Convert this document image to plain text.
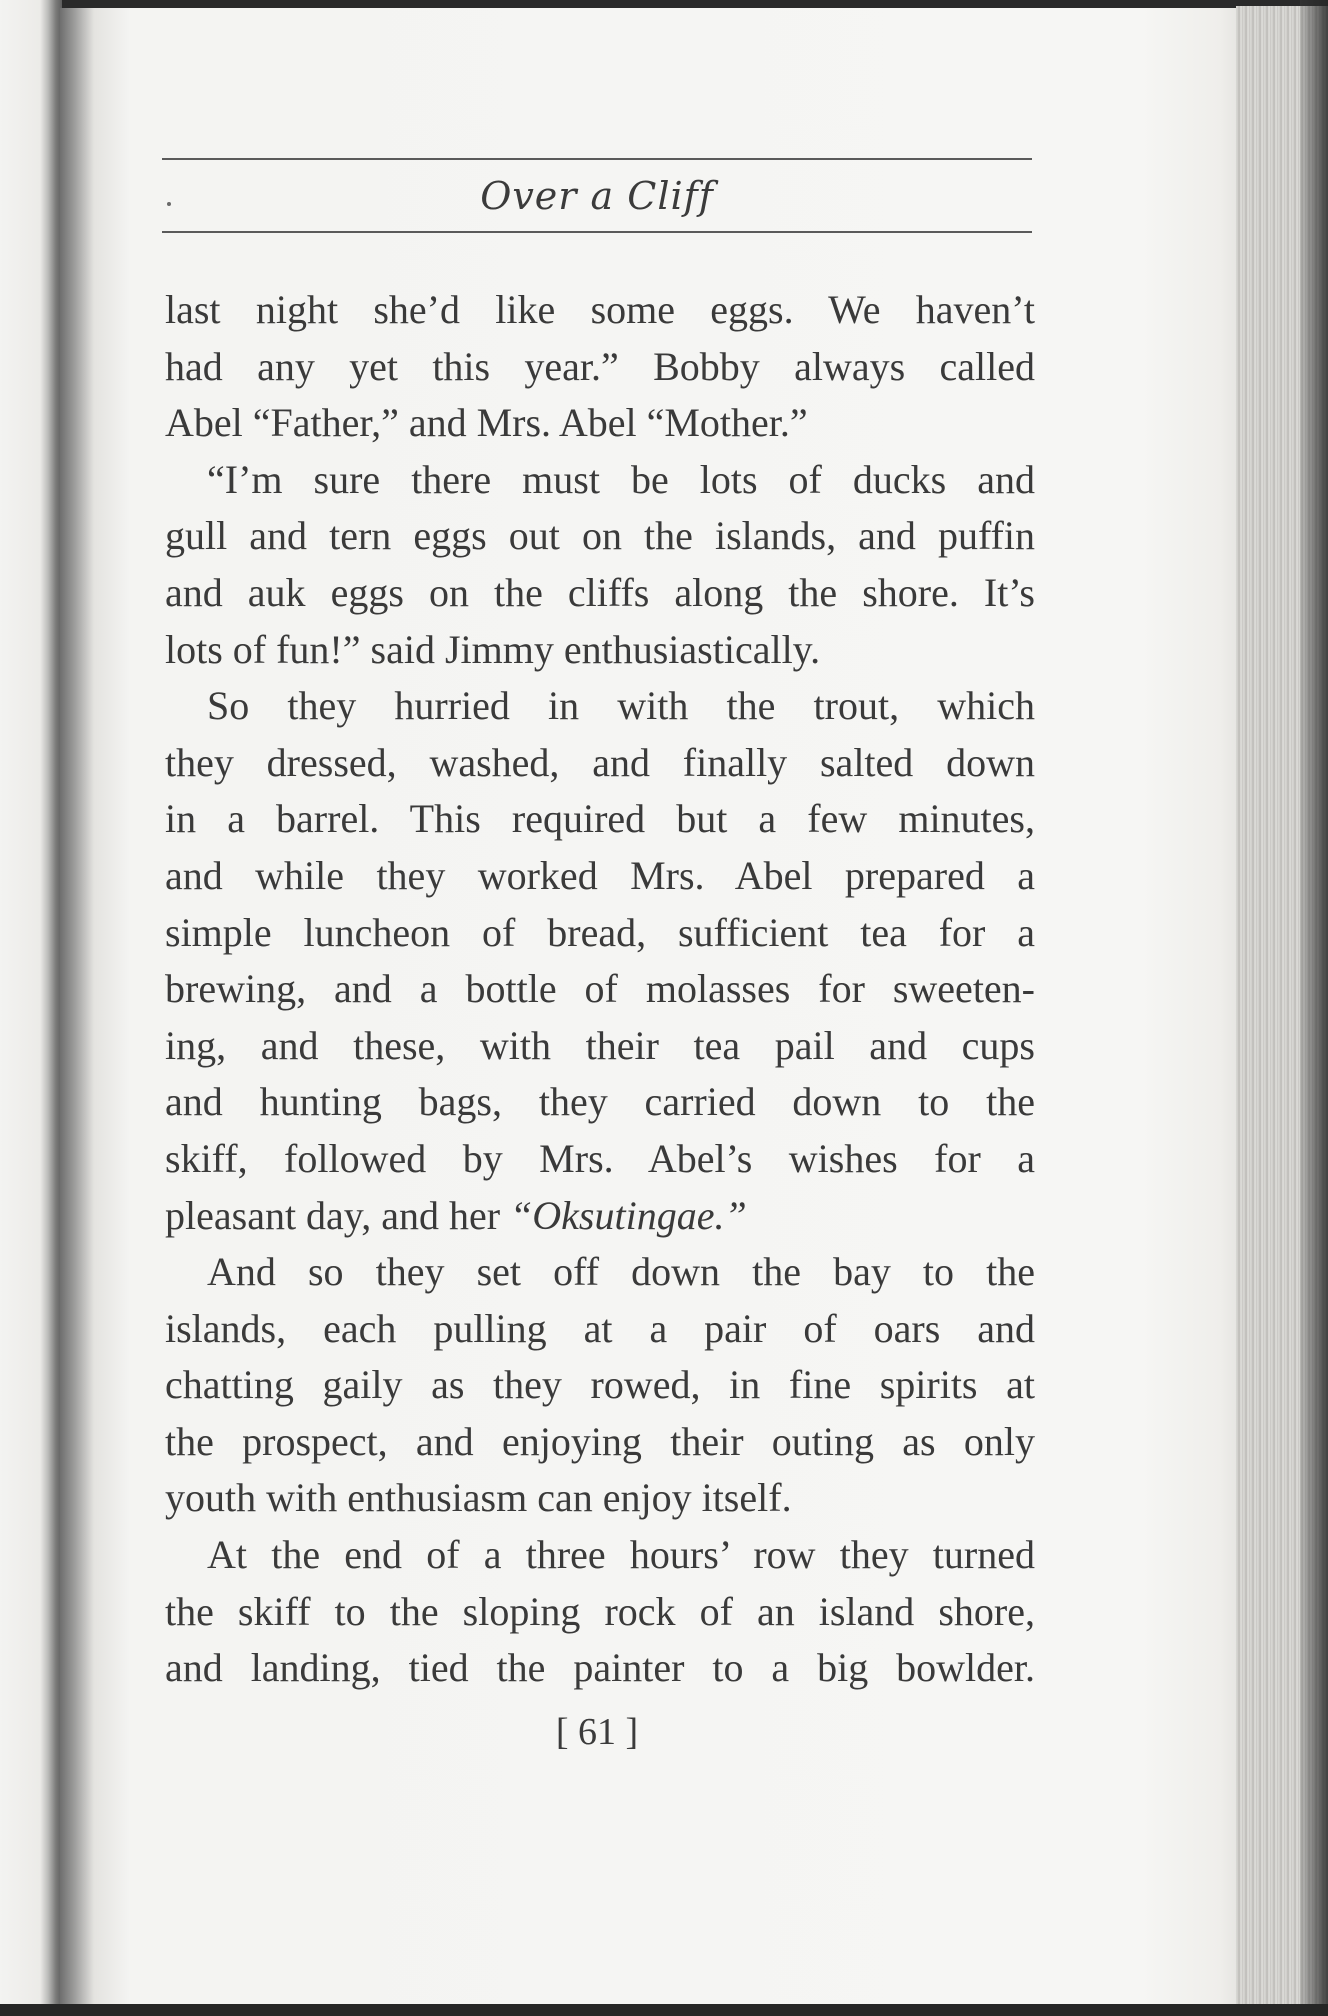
Over a Cliff
last night she’d like some eggs. We haven’t
had any yet this year.” Bobby always called
Abel “Father,” and Mrs. Abel “Mother.”
“I’m sure there must be lots of ducks and
gull and tern eggs out on the islands, and puffin
and auk eggs on the cliffs along the shore. It’s
lots of fun!” said Jimmy enthusiastically.
So they hurried in with the trout, which
they dressed, washed, and finally salted down
in a barrel. This required but a few minutes,
and while they worked Mrs. Abel prepared a
simple luncheon of bread, sufficient tea for a
brewing, and a bottle of molasses for sweeten-
ing, and these, with their tea pail and cups
and hunting bags, they carried down to the
skiff, followed by Mrs. Abel’s wishes for a
pleasant day, and her “Oksutingae.”
And so they set off down the bay to the
islands, each pulling at a pair of oars and
chatting gaily as they rowed, in fine spirits at
the prospect, and enjoying their outing as only
youth with enthusiasm can enjoy itself.
At the end of a three hours’ row they turned
the skiff to the sloping rock of an island shore,
and landing, tied the painter to a big bowlder.
[ 61 ]
